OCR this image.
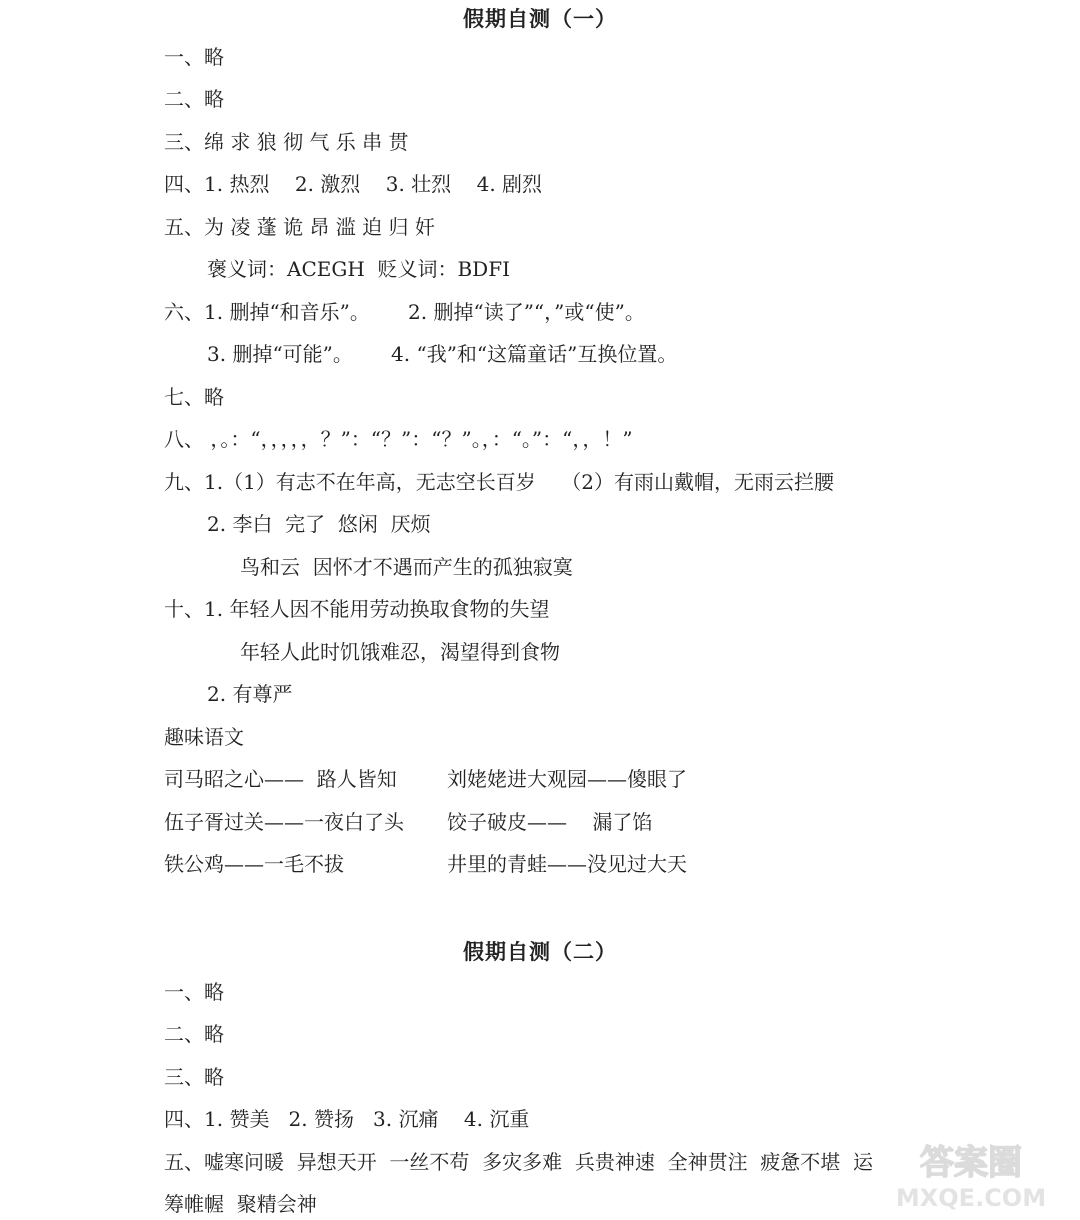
假期自测（一）
一、略
二、略
三、绵 求 狼 彻 气 乐 串 贯
四、1. 热烈    2. 激烈    3. 壮烈    4. 剧烈
五、为 凌 蓬 诡 昂 滥 迫 归 奸
褒义词：ACEGH  贬义词：BDFI
六、1. 删掉“和音乐”。      2. 删掉“读了”“，”或“使”。
3. 删掉“可能”。      4. “我”和“这篇童话”互换位置。
七、略
八、 ，。：“，，，，，？”：“？”：“？”。，：“。”：“，，！”
九、1.（1）有志不在年高，无志空长百岁    （2）有雨山戴帽，无雨云拦腰
2. 李白  完了  悠闲  厌烦
鸟和云  因怀才不遇而产生的孤独寂寞
十、1. 年轻人因不能用劳动换取食物的失望
年轻人此时饥饿难忍，渴望得到食物
2. 有尊严
趣味语文
司马昭之心——  路人皆知	刘姥姥进大观园——傻眼了
伍子胥过关——一夜白了头 饺子破皮——    漏了馅
铁公鸡——一毛不拔	井里的青蛙——没见过大天
假期自测（二）
一、略
二、略
三、略
四、1. 赞美   2. 赞扬   3. 沉痛    4. 沉重
五、嘘寒问暖  异想天开  一丝不苟  多灾多难  兵贵神速  全神贯注  疲惫不堪  运
筹帷幄  聚精会神
答案圈
MXQE.COM
